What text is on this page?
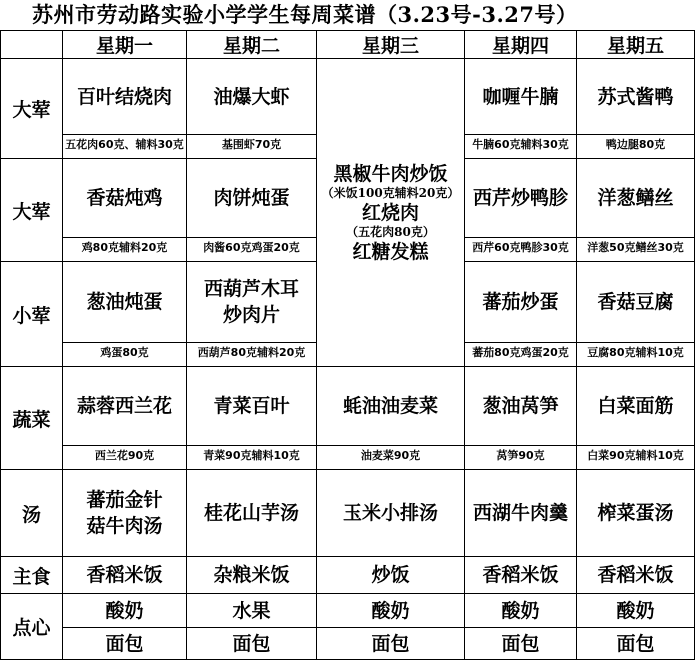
苏州市劳动路实验小学学生每周菜谱（3.23号-3.27号）
	星期一	星期二	星期三	星期四	星期五
大荤	百叶结烧肉	油爆大虾	黑椒牛肉炒饭
（米饭100克辅料20克）
红烧肉
（五花肉80克）
红糖发糕	咖喱牛腩	苏式酱鸭

	五花肉60克、辅料30克	基围虾70克		牛腩60克辅料30克	鸭边腿80克

大荤	香菇炖鸡	肉饼炖蛋		西芹炒鸭胗	洋葱鳝丝

	鸡80克辅料20克	肉酱60克鸡蛋20克		西芹60克鸭胗30克	洋葱50克鳝丝30克

小荤	葱油炖蛋	西葫芦木耳炒肉片		蕃茄炒蛋	香菇豆腐

	鸡蛋80克	西葫芦80克辅料20克		蕃茄80克鸡蛋20克	豆腐80克辅料10克

蔬菜	蒜蓉西兰花	青菜百叶	蚝油油麦菜	葱油莴笋	白菜面筋

	西兰花90克	青菜90克辅料10克	油麦菜90克	莴笋90克	白菜90克辅料10克

汤	蕃茄金针菇牛肉汤	桂花山芋汤	玉米小排汤	西湖牛肉羹	榨菜蛋汤
主食	香稻米饭	杂粮米饭	炒饭	香稻米饭	香稻米饭
点心	酸奶	水果	酸奶	酸奶	酸奶
	面包	面包	面包	面包	面包
